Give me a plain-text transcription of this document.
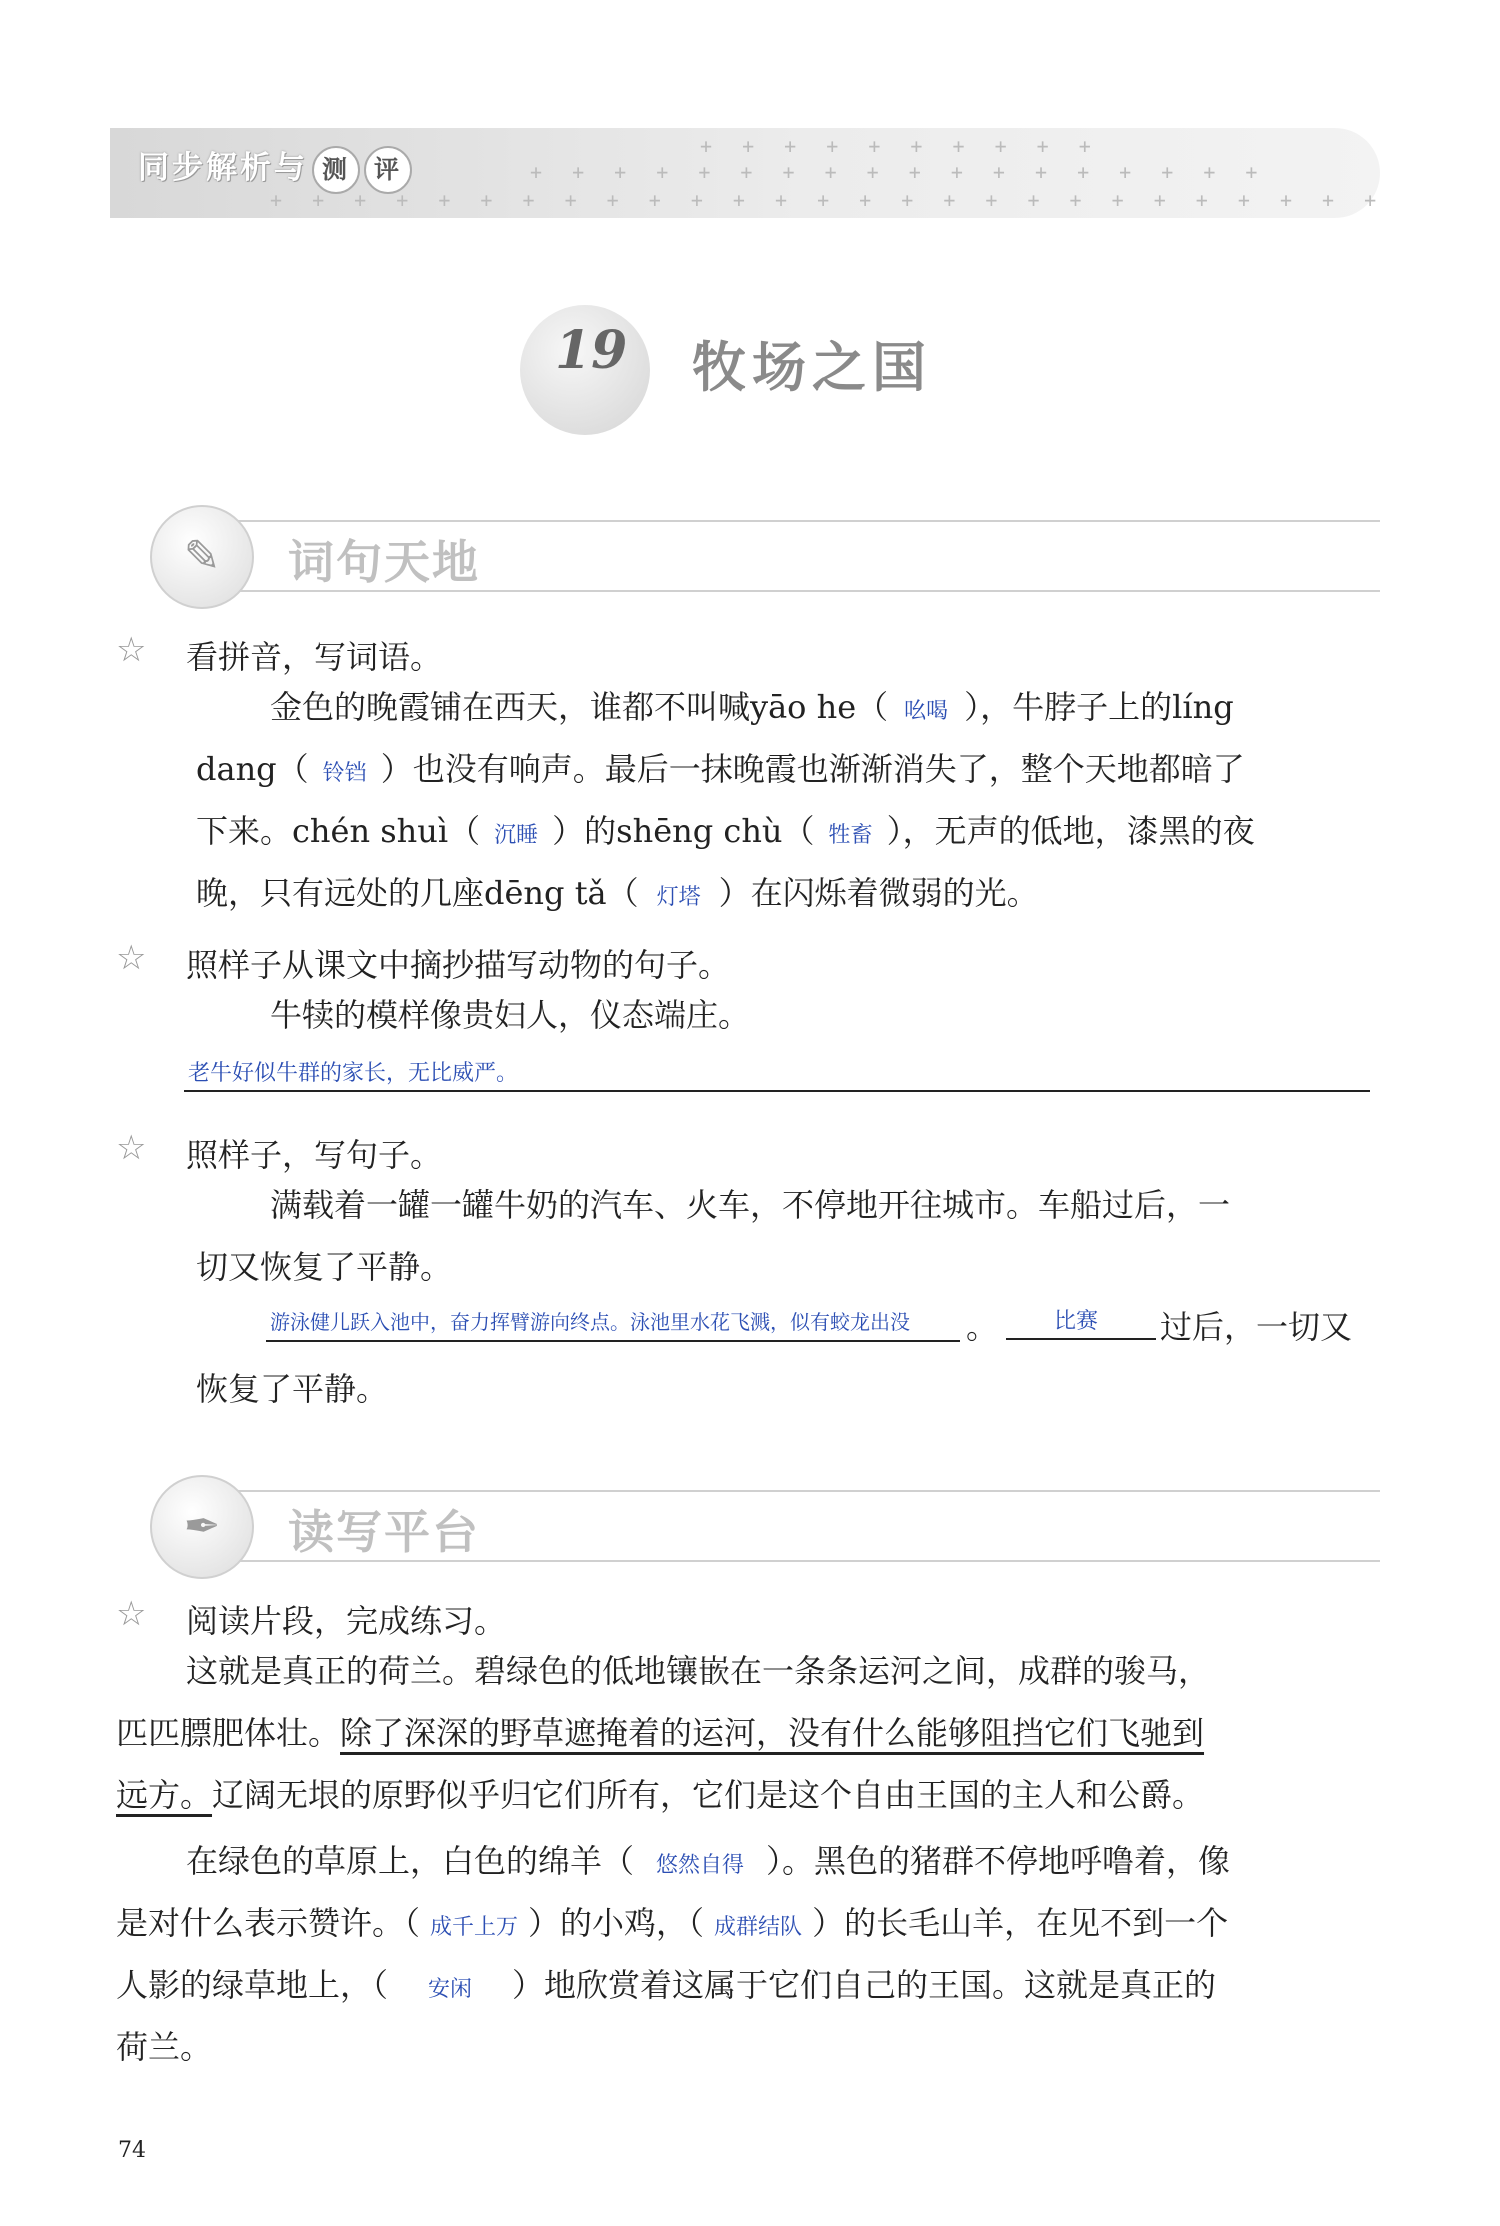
同步解析与 测 评
+ + + + + + + + + +
+ + + + + + + + + + + + + + + + + +
+ + + + + + + + + + + + + + + + + + + + + + + + + + +
19 牧场之国
✎	词句天地
☆ 看拼音，写词语。
金色的晚霞铺在西天，谁都不叫喊yāo he（ 吆喝 ），牛脖子上的líng
dang（ 铃铛 ）也没有响声。最后一抹晚霞也渐渐消失了，整个天地都暗了
下来。chén shuì（ 沉睡 ）的shēng chù（ 牲畜 ），无声的低地，漆黑的夜
晚，只有远处的几座dēng tǎ（ 灯塔 ）在闪烁着微弱的光。
☆ 照样子从课文中摘抄描写动物的句子。
牛犊的模样像贵妇人，仪态端庄。
老牛好似牛群的家长，无比威严。
☆ 照样子，写句子。
满载着一罐一罐牛奶的汽车、火车，不停地开往城市。车船过后，一
切又恢复了平静。
游泳健儿跃入池中，奋力挥臂游向终点。泳池里水花飞溅，似有蛟龙出没 。	比赛 过后，一切又
恢复了平静。
✒	读写平台
☆ 阅读片段，完成练习。
这就是真正的荷兰。碧绿色的低地镶嵌在一条条运河之间，成群的骏马，
匹匹膘肥体壮。除了深深的野草遮掩着的运河，没有什么能够阻挡它们飞驰到
远方。辽阔无垠的原野似乎归它们所有，它们是这个自由王国的主人和公爵。
在绿色的草原上，白色的绵羊（ 悠然自得 ）。黑色的猪群不停地呼噜着，像
是对什么表示赞许。（ 成千上万 ）的小鸡，（ 成群结队 ）的长毛山羊，在见不到一个
人影的绿草地上，（ 安闲 ）地欣赏着这属于它们自己的王国。这就是真正的
荷兰。
74
